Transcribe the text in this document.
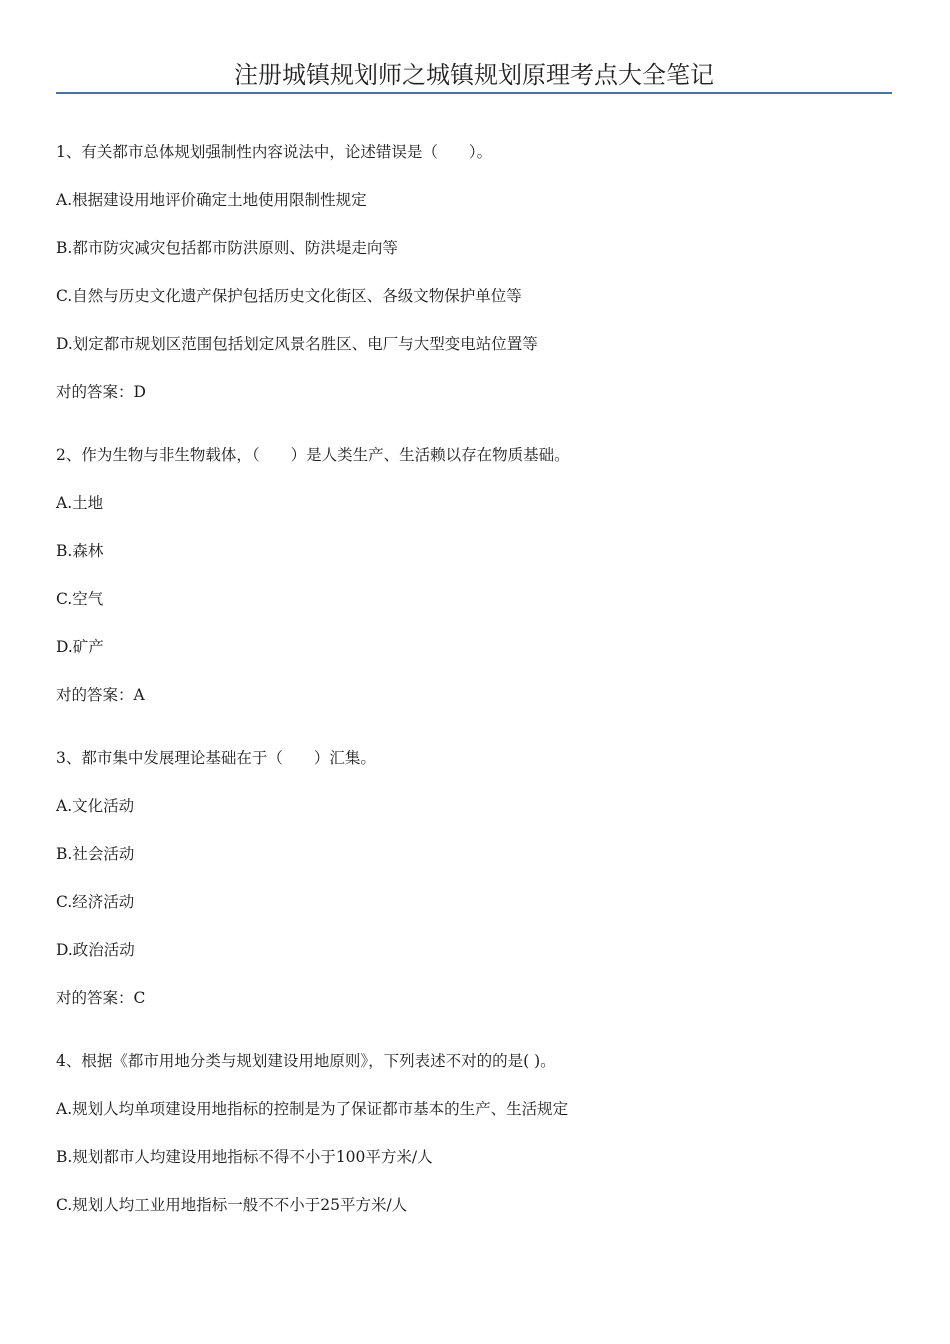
注册城镇规划师之城镇规划原理考点大全笔记
1、有关都市总体规划强制性内容说法中，论述错误是（　　）。
A.根据建设用地评价确定土地使用限制性规定
B.都市防灾减灾包括都市防洪原则、防洪堤走向等
C.自然与历史文化遗产保护包括历史文化街区、各级文物保护单位等
D.划定都市规划区范围包括划定风景名胜区、电厂与大型变电站位置等
对的答案：D
2、作为生物与非生物载体，（　　）是人类生产、生活赖以存在物质基础。
A.土地
B.森林
C.空气
D.矿产
对的答案：A
3、都市集中发展理论基础在于（　　）汇集。
A.文化活动
B.社会活动
C.经济活动
D.政治活动
对的答案：C
4、根据《都市用地分类与规划建设用地原则》，下列表述不对的的是( )。
A.规划人均单项建设用地指标的控制是为了保证都市基本的生产、生活规定
B.规划都市人均建设用地指标不得不小于100平方米/人
C.规划人均工业用地指标一般不不小于25平方米/人
